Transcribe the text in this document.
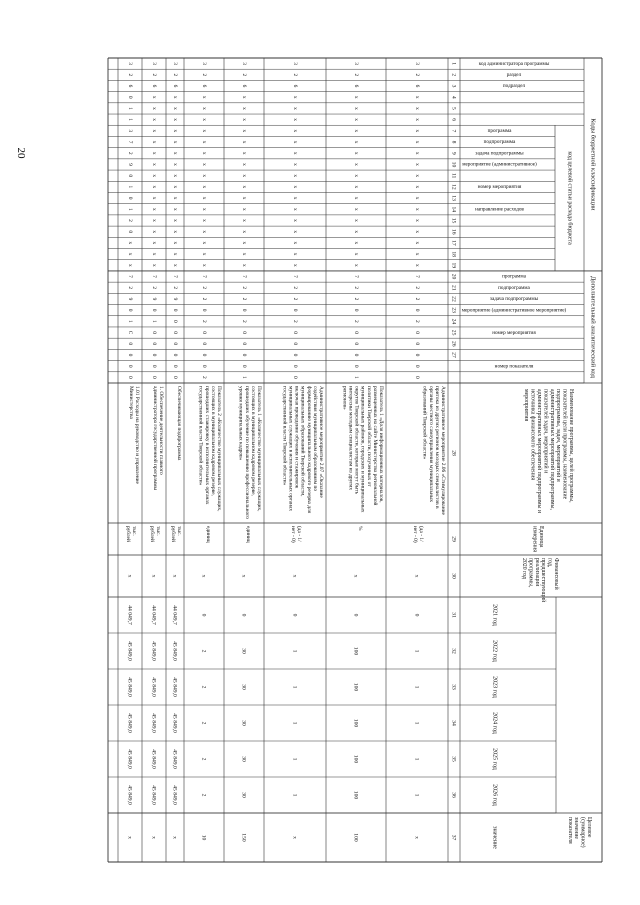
20	Коды бюджетной классификации
Дополнительный аналитический код
код целевой статьи расхода бюджета
код администратора программы
раздел
подраздел
программа
подпрограмма
задача подпрограммы
мероприятие (административное)
номер мероприятия
направление расходов
программа
подпрограмма
задача подпрограммы
мероприятие (административное мероприятие)
номер мероприятия
номер показателя
Наименование программы, целей программы,показателей цели программы, наименованиеподпрограммы, задач, мероприятий иадминистративных мероприятий подпрограммы,показателей задач, мероприятий иадминистративных мероприятий подпрограммы иисточника финансового обеспечениямероприятия
Единицаизмерения
Финансовыйгод,предшествующийреализациипрограммы,2020 год
2021 год
2022 год
2023 год
2024 год
2025 год
2026 год
Целевое(суммарное)значениепоказателя
значение
1
2
3
4
5
6
7
8
9
10
11
12
13
14
15
16
17
18
19
20
21
22
23
24
25
26
27
28
29
30
31
32
33
34
35
36
37
3
2
6
х
х
х
х
х
х
х
х
х
х
х
х
х
х
х
х
7
2
2
0
2
0
0
0
0
0
Административное мероприятие 2.06 «Стимулированиепритока из других регионов молодых специалистов ворганы местного самоуправления муниципальныхобразований Тверской области»
(да - 1/нет - 0)
х
0
1
1
1
1
1
х
3
2
6
х
х
х
х
х
х
х
х
х
х
х
х
х
х
х
х
7
2
2
0
2
0
0
0
0
1
Показатель 1 «Доля информационных материалов,размещенных на сайте Министерства региональнойполитики Тверской области, полученных отмуниципальных районов, городских и муниципальныхокругов Тверской области, которые могут бытьинтересны молодым специалистам из другихрегионов»
%
х
0
100
100
100
100
100
100
3
2
6
х
х
х
х
х
х
х
х
х
х
х
х
х
х
х
х
7
2
2
0
2
0
0
0
0
0
Административное мероприятие 2.07 «Оказаниесодействия муниципальным образованиям поформированию муниципального кадрового резерва длямуниципальных образований Тверской области,включая проведение обучения и стажировокмуниципальных служащих в исполнительных органахгосударственной власти Тверской области»
(да - 1/нет - 0)
х
0
1
1
1
1
1
х
3
2
6
х
х
х
х
х
х
х
х
х
х
х
х
х
х
х
х
7
2
2
0
2
0
0
0
0
1
Показатель 1 «Количество муниципальных служащих,состоящих в муниципальном кадровом резерве,прошедших обучение по повышению профессиональногоуровня муниципальных кадров»
единиц
х
0
30
30
30
30
30
150
3
2
6
х
х
х
х
х
х
х
х
х
х
х
х
х
х
х
х
7
2
2
0
2
0
0
0
0
2
Показатель 2 «Количество муниципальных служащих,состоящих в муниципальном кадровом резерве,прошедших стажировку в исполнительных органахгосударственной власти Тверской области»
единиц
х
0
2
2
2
2
2
10
3
2
6
х
х
х
х
х
х
х
х
х
х
х
х
х
х
х
х
7
2
9
0
0
0
0
0
0
0
Обеспечивающая подпрограмма
тыс.рублей
х
44 049,7
45 849,0
45 849,0
45 849,0
45 849,0
45 849,0
х
3
2
6
х
х
х
х
х
х
х
х
х
х
х
х
х
х
х
х
7
2
9
0
1
0
0
0
0
0
1. Обеспечение деятельности главногоадминистратора государственной программы
тыс.рублей
х
44 049,7
45 849,0
45 849,0
45 849,0
45 849,0
45 849,0
х
3
2
6
0
1
1
3
7
2
9
0
1
0
1
2
0
х
х
х
7
2
9
0
1
С
0
0
0
0
1.01 Расходы на руководство и управлениеМинистерства
тыс.рублей
х
44 049,7
45 849,0
45 849,0
45 849,0
45 849,0
45 849,0
х
